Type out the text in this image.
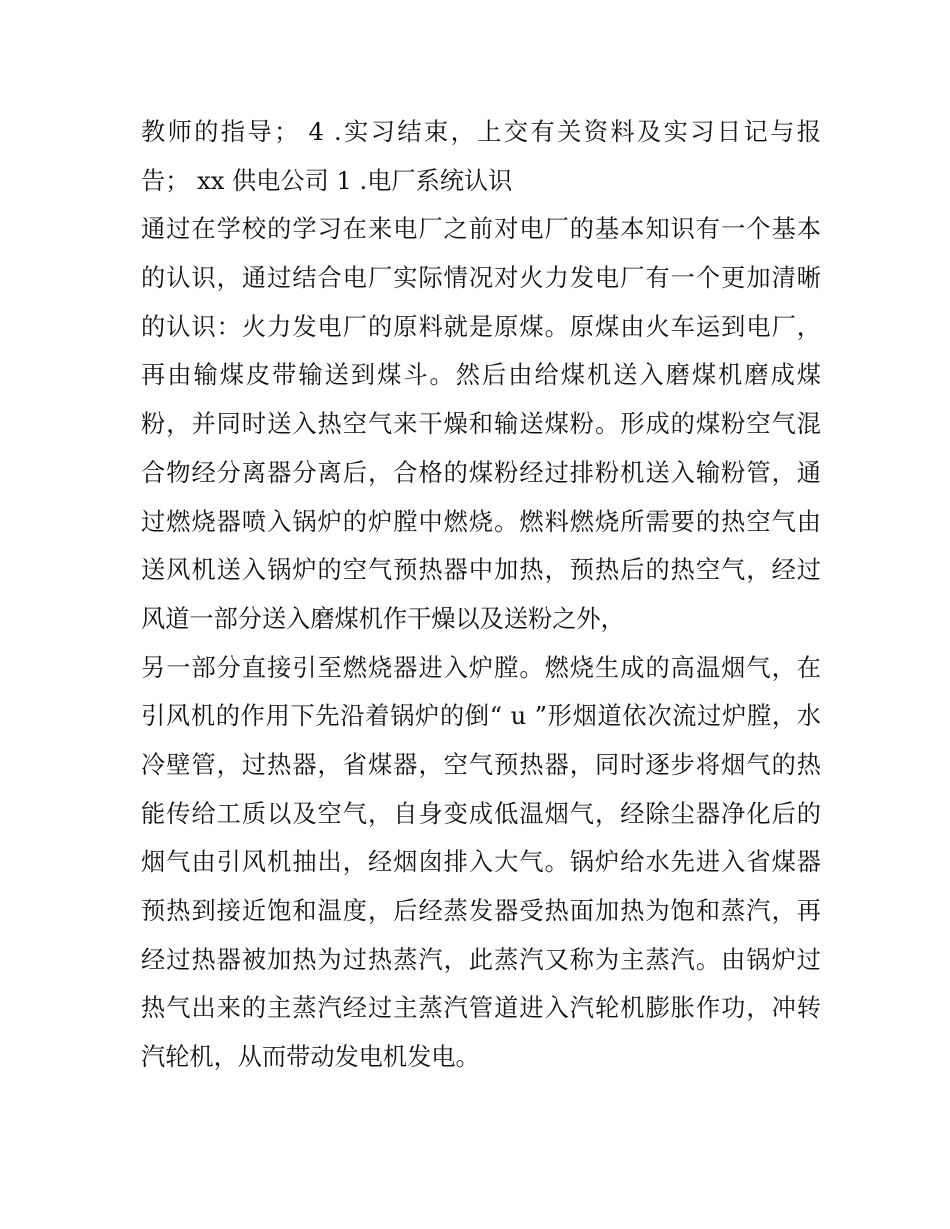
教师的指导； 4 .实习结束，上交有关资料及实习日记与报
告； xx 供电公司 1 .电厂系统认识
通过在学校的学习在来电厂之前对电厂的基本知识有一个基本
的认识，通过结合电厂实际情况对火力发电厂有一个更加清晰
的认识：火力发电厂的原料就是原煤。原煤由火车运到电厂，
再由输煤皮带输送到煤斗。然后由给煤机送入磨煤机磨成煤
粉，并同时送入热空气来干燥和输送煤粉。形成的煤粉空气混
合物经分离器分离后，合格的煤粉经过排粉机送入输粉管，通
过燃烧器喷入锅炉的炉膛中燃烧。燃料燃烧所需要的热空气由
送风机送入锅炉的空气预热器中加热，预热后的热空气，经过
风道一部分送入磨煤机作干燥以及送粉之外，
另一部分直接引至燃烧器进入炉膛。燃烧生成的高温烟气，在
引风机的作用下先沿着锅炉的倒“ u ”形烟道依次流过炉膛，水
冷壁管，过热器，省煤器，空气预热器，同时逐步将烟气的热
能传给工质以及空气，自身变成低温烟气，经除尘器净化后的
烟气由引风机抽出，经烟囱排入大气。锅炉给水先进入省煤器
预热到接近饱和温度，后经蒸发器受热面加热为饱和蒸汽，再
经过热器被加热为过热蒸汽，此蒸汽又称为主蒸汽。由锅炉过
热气出来的主蒸汽经过主蒸汽管道进入汽轮机膨胀作功，冲转
汽轮机，从而带动发电机发电。
